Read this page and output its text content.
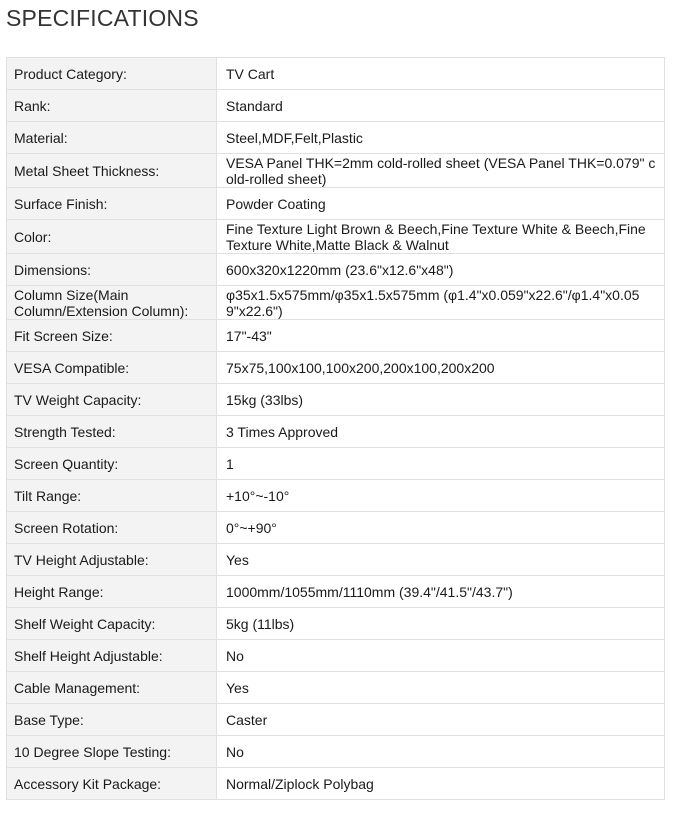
SPECIFICATIONS
Product Category:	TV Cart
Rank:	Standard
Material:	Steel,MDF,Felt,Plastic
Metal Sheet Thickness:	VESA Panel THK=2mm cold-rolled sheet (VESA Panel THK=0.079" cold-rolled sheet)
Surface Finish:	Powder Coating
Color:	Fine Texture Light Brown & Beech,Fine Texture White & Beech,Fine Texture White,Matte Black & Walnut
Dimensions:	600x320x1220mm (23.6"x12.6"x48")
Column Size(Main Column/Extension Column):	φ35x1.5x575mm/φ35x1.5x575mm (φ1.4"x0.059"x22.6"/φ1.4"x0.059"x22.6")
Fit Screen Size:	17"-43"
VESA Compatible:	75x75,100x100,100x200,200x100,200x200
TV Weight Capacity:	15kg (33lbs)
Strength Tested:	3 Times Approved
Screen Quantity:	1
Tilt Range:	+10°~-10°
Screen Rotation:	0°~+90°
TV Height Adjustable:	Yes
Height Range:	1000mm/1055mm/1110mm (39.4"/41.5"/43.7")
Shelf Weight Capacity:	5kg (11lbs)
Shelf Height Adjustable:	No
Cable Management:	Yes
Base Type:	Caster
10 Degree Slope Testing:	No
Accessory Kit Package:	Normal/Ziplock Polybag
